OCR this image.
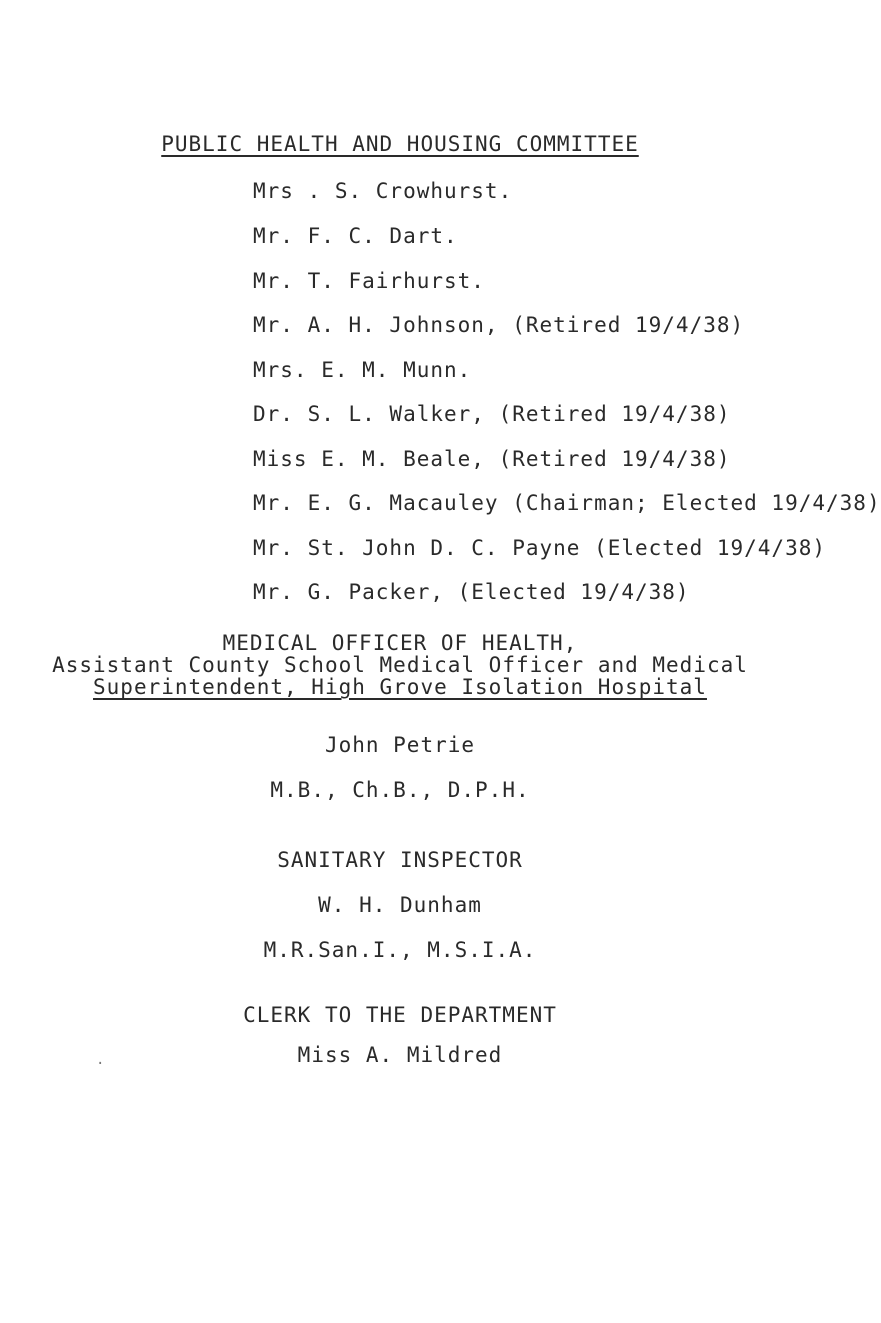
PUBLIC HEALTH AND HOUSING COMMITTEE
Mrs . S. Crowhurst.
Mr. F. C. Dart.
Mr. T. Fairhurst.
Mr. A. H. Johnson, (Retired 19/4/38)
Mrs. E. M. Munn.
Dr. S. L. Walker, (Retired 19/4/38)
Miss E. M. Beale, (Retired 19/4/38)
Mr. E. G. Macauley (Chairman; Elected 19/4/38)
Mr. St. John D. C. Payne (Elected 19/4/38)
Mr. G. Packer, (Elected 19/4/38)
MEDICAL OFFICER OF HEALTH,
Assistant County School Medical Officer and Medical
Superintendent, High Grove Isolation Hospital
John Petrie
M.B., Ch.B., D.P.H.
SANITARY INSPECTOR
W. H. Dunham
M.R.San.I., M.S.I.A.
CLERK TO THE DEPARTMENT
Miss A. Mildred
·
